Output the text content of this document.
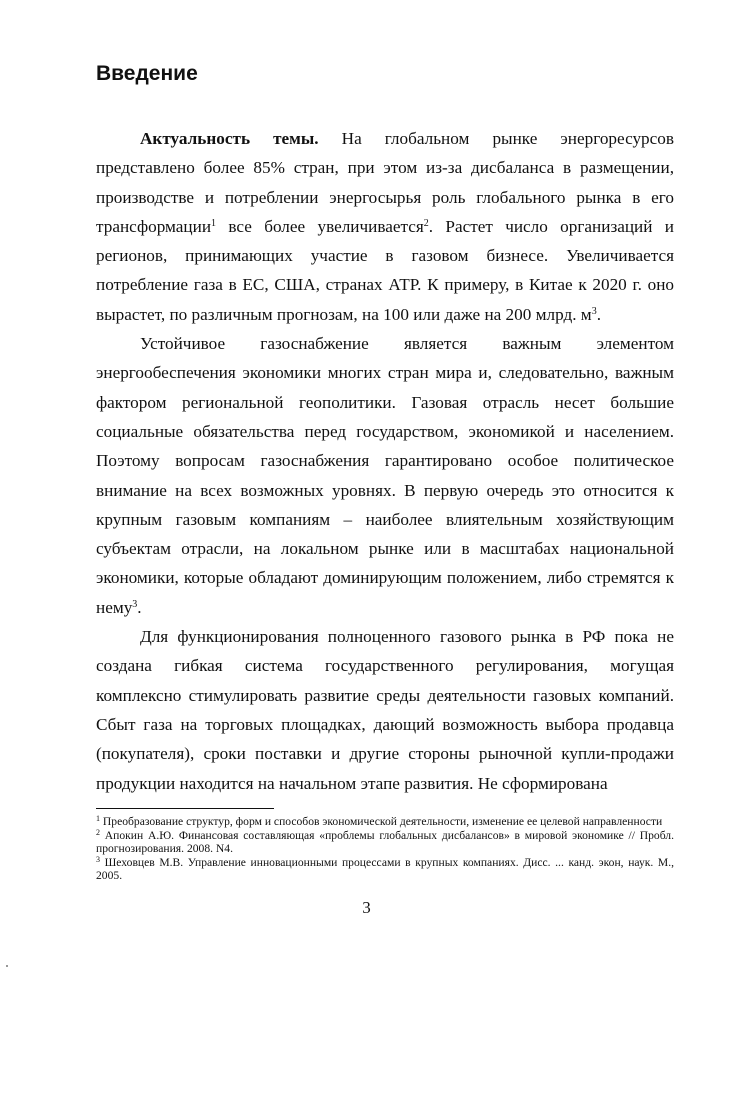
Введение

Актуальность темы. На глобальном рынке энергоресурсов представлено более 85% стран, при этом из-за дисбаланса в размещении, производстве и потреблении энергосырья роль глобального рынка в его трансформации$^1$ все более увеличивается$^2$. Растет число организаций и регионов, принимающих участие в газовом бизнесе. Увеличивается потребление газа в ЕС, США, странах АТР. К примеру, в Китае к 2020 г. оно вырастет, по различным прогнозам, на 100 или даже на 200 млрд. $м^3$.

Устойчивое газоснабжение является важным элементом энергообеспечения экономики многих стран мира и, следовательно, важным фактором региональной геополитики. Газовая отрасль несет большие социальные обязательства перед государством, экономикой и населением. Поэтому вопросам газоснабжения гарантировано особое политическое внимание на всех возможных уровнях. В первую очередь это относится к крупным газовым компаниям – наиболее влиятельным хозяйствующим субъектам отрасли, на локальном рынке или в масштабах национальной экономики, которые обладают доминирующим положением, либо стремятся к нему$^3$.

Для функционирования полноценного газового рынка в РФ пока не создана гибкая система государственного регулирования, могущая комплексно стимулировать развитие среды деятельности газовых компаний. Сбыт газа на торговых площадках, дающий возможность выбора продавца (покупателя), сроки поставки и другие стороны рыночной купли-продажи продукции находится на начальном этапе развития. Не сформирована

$^1$ Преобразование структур, форм и способов экономической деятельности, изменение ее целевой направленности

$^2$ Апокин А.Ю. Финансовая составляющая «проблемы глобальных дисбалансов» в мировой экономике // Пробл. прогнозирования. 2008. N4.

$^3$ Шеховцев М.В. Управление инновационными процессами в крупных компаниях. Дисс. ... канд. экон, наук. М., 2005.

3
